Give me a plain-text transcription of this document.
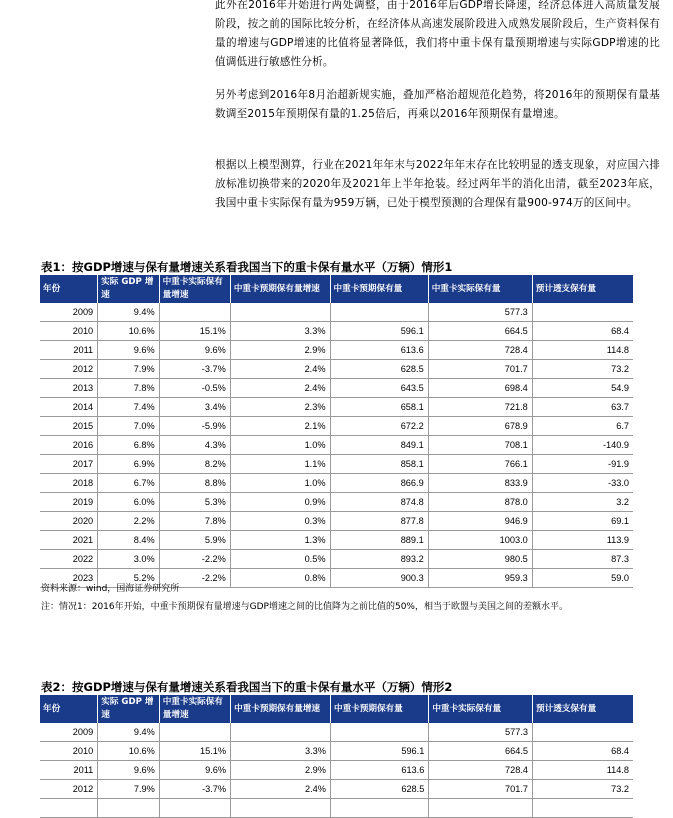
此外在2016年开始进行两处调整，由于2016年后GDP增长降速，经济总体进入高质量发展阶段，按之前的国际比较分析，在经济体从高速发展阶段进入成熟发展阶段后，生产资料保有量的增速与GDP增速的比值将显著降低，我们将中重卡保有量预期增速与实际GDP增速的比值调低进行敏感性分析。

另外考虑到2016年8月治超新规实施，叠加严格治超规范化趋势，将2016年的预期保有量基数调至2015年预期保有量的1.25倍后，再乘以2016年预期保有量增速。

根据以上模型测算，行业在2021年年末与2022年年末存在比较明显的透支现象，对应国六排放标准切换带来的2020年及2021年上半年抢装。经过两年半的消化出清，截至2023年底，我国中重卡实际保有量为959万辆，已处于模型预测的合理保有量900-974万的区间中。

表1：按GDP增速与保有量增速关系看我国当下的重卡保有量水平（万辆）情形1

年份	实际 GDP 增速	中重卡实际保有量增速	中重卡预期保有量增速	中重卡预期保有量	中重卡实际保有量	预计透支保有量
2009	9.4%				577.3	
2010	10.6%	15.1%	3.3%	596.1	664.5	68.4
2011	9.6%	9.6%	2.9%	613.6	728.4	114.8
2012	7.9%	-3.7%	2.4%	628.5	701.7	73.2
2013	7.8%	-0.5%	2.4%	643.5	698.4	54.9
2014	7.4%	3.4%	2.3%	658.1	721.8	63.7
2015	7.0%	-5.9%	2.1%	672.2	678.9	6.7
2016	6.8%	4.3%	1.0%	849.1	708.1	-140.9
2017	6.9%	8.2%	1.1%	858.1	766.1	-91.9
2018	6.7%	8.8%	1.0%	866.9	833.9	-33.0
2019	6.0%	5.3%	0.9%	874.8	878.0	3.2
2020	2.2%	7.8%	0.3%	877.8	946.9	69.1
2021	8.4%	5.9%	1.3%	889.1	1003.0	113.9
2022	3.0%	-2.2%	0.5%	893.2	980.5	87.3
2023	5.2%	-2.2%	0.8%	900.3	959.3	59.0

资料来源：wind，国海证券研究所

注：情况1：2016年开始，中重卡预期保有量增速与GDP增速之间的比值降为之前比值的50%，相当于欧盟与美国之间的差额水平。

表2：按GDP增速与保有量增速关系看我国当下的重卡保有量水平（万辆）情形2

年份	实际 GDP 增速	中重卡实际保有量增速	中重卡预期保有量增速	中重卡预期保有量	中重卡实际保有量	预计透支保有量
2009	9.4%				577.3	
2010	10.6%	15.1%	3.3%	596.1	664.5	68.4
2011	9.6%	9.6%	2.9%	613.6	728.4	114.8
2012	7.9%	-3.7%	2.4%	628.5	701.7	73.2
